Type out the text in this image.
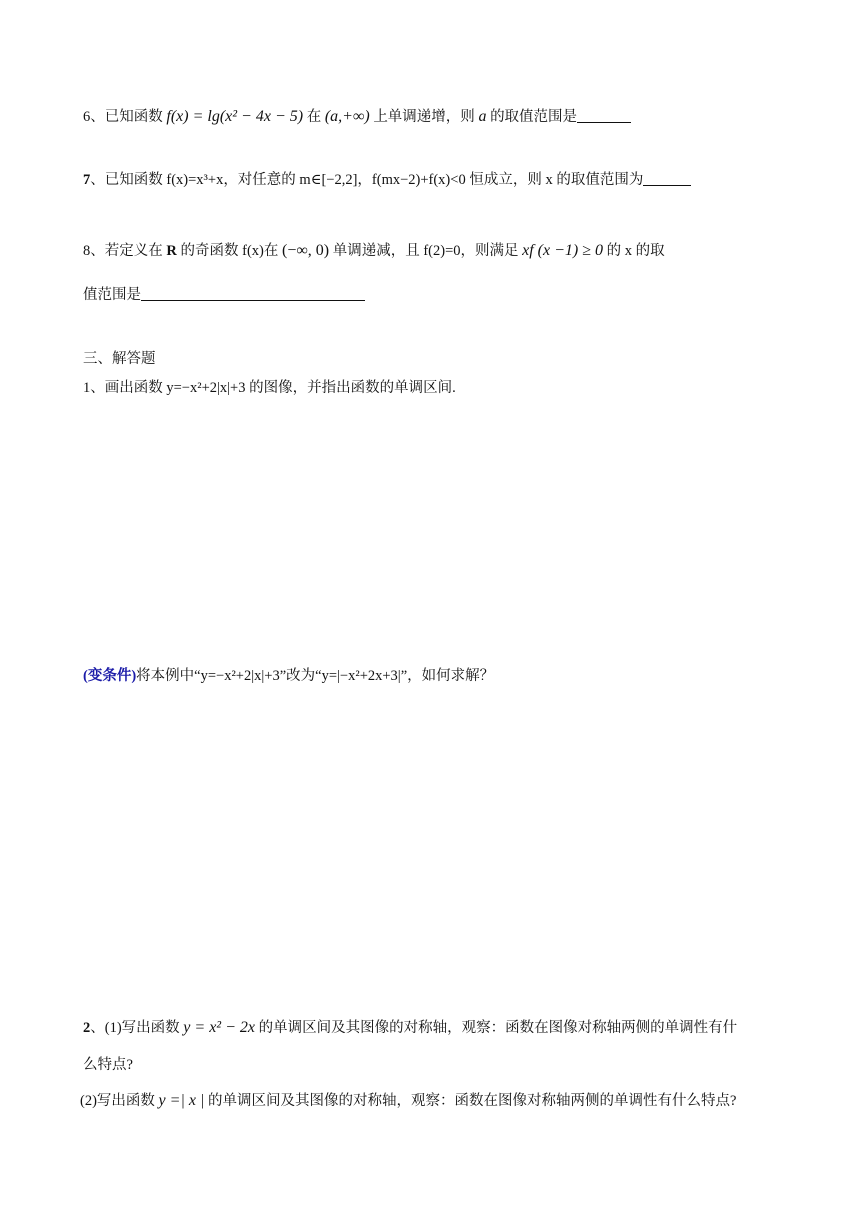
6、已知函数 f(x) = lg(x² − 4x − 5) 在 (a,+∞) 上单调递增，则 a 的取值范围是
7、已知函数 f(x)=x³+x，对任意的 m∈[−2,2]，f(mx−2)+f(x)<0 恒成立，则 x 的取值范围为
8、若定义在 R 的奇函数 f(x)在 (−∞, 0) 单调递减，且 f(2)=0，则满足 xf (x −1) ≥ 0 的 x 的取
值范围是
三、解答题
1、画出函数 y=−x²+2|x|+3 的图像，并指出函数的单调区间.
(变条件)将本例中“y=−x²+2|x|+3”改为“y=|−x²+2x+3|”，如何求解？
2、(1)写出函数 y = x² − 2x 的单调区间及其图像的对称轴，观察：函数在图像对称轴两侧的单调性有什
么特点?
(2)写出函数 y =| x | 的单调区间及其图像的对称轴，观察：函数在图像对称轴两侧的单调性有什么特点?
